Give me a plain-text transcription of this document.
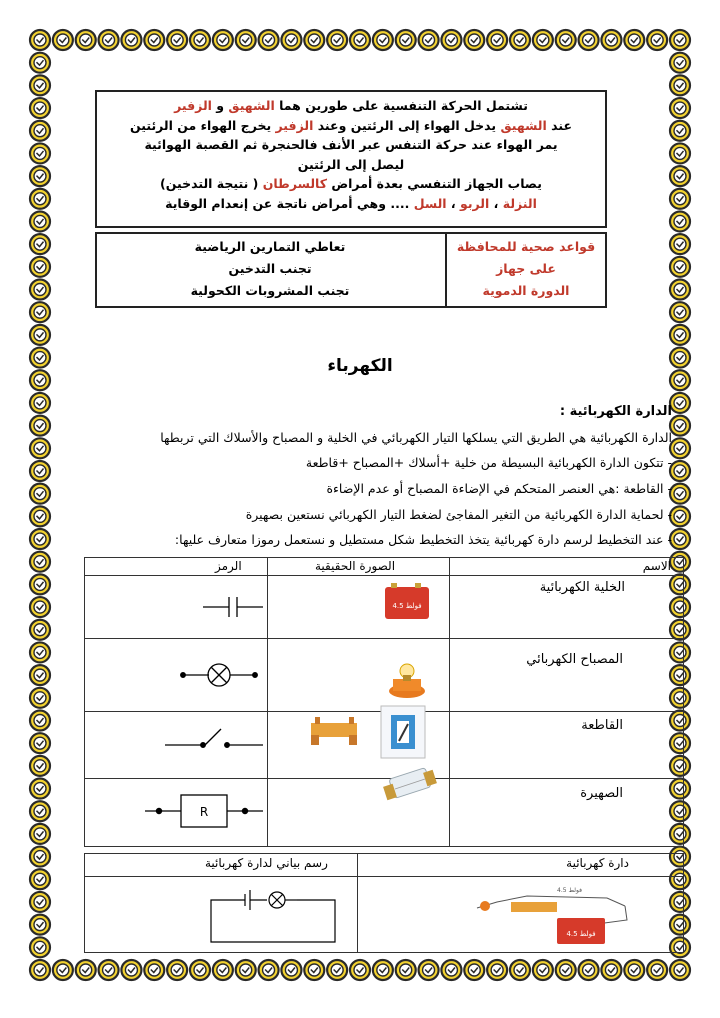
تشتمل الحركة التنفسية على طورين هما الشهيق و الزفير
عند الشهيق يدخل الهواء إلى الرئتين وعند الزفير يخرج الهواء من الرئتين
يمر الهواء عند حركة التنفس عبر الأنف فالحنجرة ثم القصبة الهوائية
ليصل إلى الرئتين
يصاب الجهاز التنفسي بعدة أمراض كالسرطان ( نتيجة التدخين)
النزلة ، الربو ، السل .... وهي أمراض ناتجة عن إنعدام الوقاية
قواعد صحية للمحافظة
على جهاز
الدورة الدموية
تعاطي التمارين الرياضية
تجنب التدخين
تجنب المشروبات الكحولية
الكهرباء
الدارة الكهربائية :
الدارة الكهربائية هي الطريق التي يسلكها التيار الكهربائي في الخلية و المصباح والأسلاك التي تربطها
- تتكون الدارة الكهربائية البسيطة من خلية +أسلاك +المصباح +قاطعة
- القاطعة :هي العنصر المتحكم في الإضاءة المصباح أو عدم الإضاءة
- لحماية الدارة الكهربائية من التغير المفاجئ لضغط التيار الكهربائي نستعين بصهيرة
- عند التخطيط لرسم دارة كهربائية يتخذ التخطيط شكل مستطيل و نستعمل رموزا متعارف عليها:
الاسم
الصورة الحقيقية
الرمز
الخلية الكهربائية
المصباح الكهربائي
القاطعة
الصهيرة
R
4.5 فولط
دارة كهربائية
رسم بياني لدارة كهربائية
4.5 فولط
4.5 فولط
